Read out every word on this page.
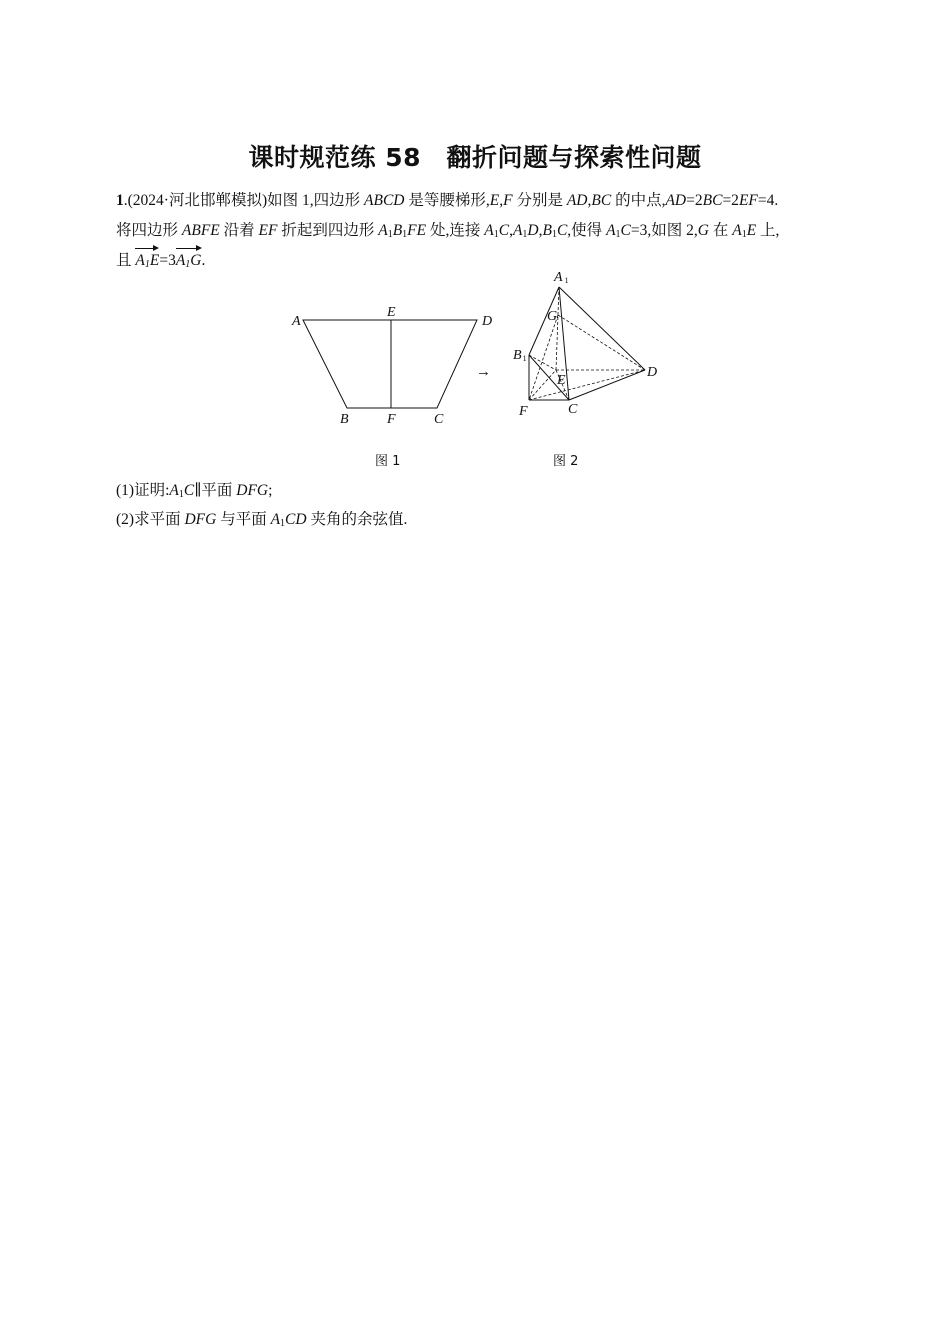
课时规范练 58　翻折问题与探索性问题
1.(2024·河北邯郸模拟)如图 1,四边形 ABCD 是等腰梯形,E,F 分别是 AD,BC 的中点,AD=2BC=2EF=4.
将四边形 ABFE 沿着 EF 折起到四边形 $A_1B_1FE$ 处,连接 $A_1C,A_1D,B_1C$,使得 $A_1C=3$,如图 2,G 在 $A_1E$ 上,
且 $A_1E=3A_1G$.
A
E
D
B	F	C
→
A 1
G
B1
E
D
F	C
图 1	图 2
(1)证明$:A_1C\parallel$平面 DFG;
(2)求平面 DFG 与平面 $A_1CD$ 夹角的余弦值.
